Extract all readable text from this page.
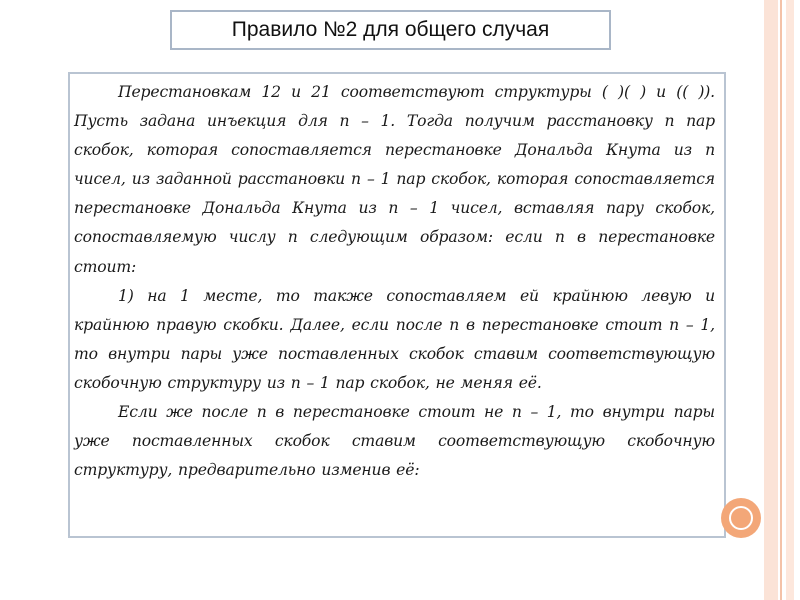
Правило №2 для общего случая

Перестановкам 12 и 21 соответствуют структуры ( )( ) и (( )). Пусть задана инъекция для n – 1. Тогда получим расстановку n пар скобок, которая сопоставляется перестановке Дональда Кнута из n чисел, из заданной расстановки n – 1 пар скобок, которая сопоставляется перестановке Дональда Кнута из n – 1 чисел, вставляя пару скобок, сопоставляемую числу n следующим образом: если n в перестановке стоит:

1) на 1 месте, то также сопоставляем ей крайнюю левую и крайнюю правую скобки. Далее, если после n в перестановке стоит n – 1, то внутри пары уже поставленных скобок ставим соответствующую скобочную структуру из n – 1 пар скобок, не меняя её.

Если же после n в перестановке стоит не n – 1, то внутри пары уже поставленных скобок ставим соответствующую скобочную структуру, предварительно изменив её:
